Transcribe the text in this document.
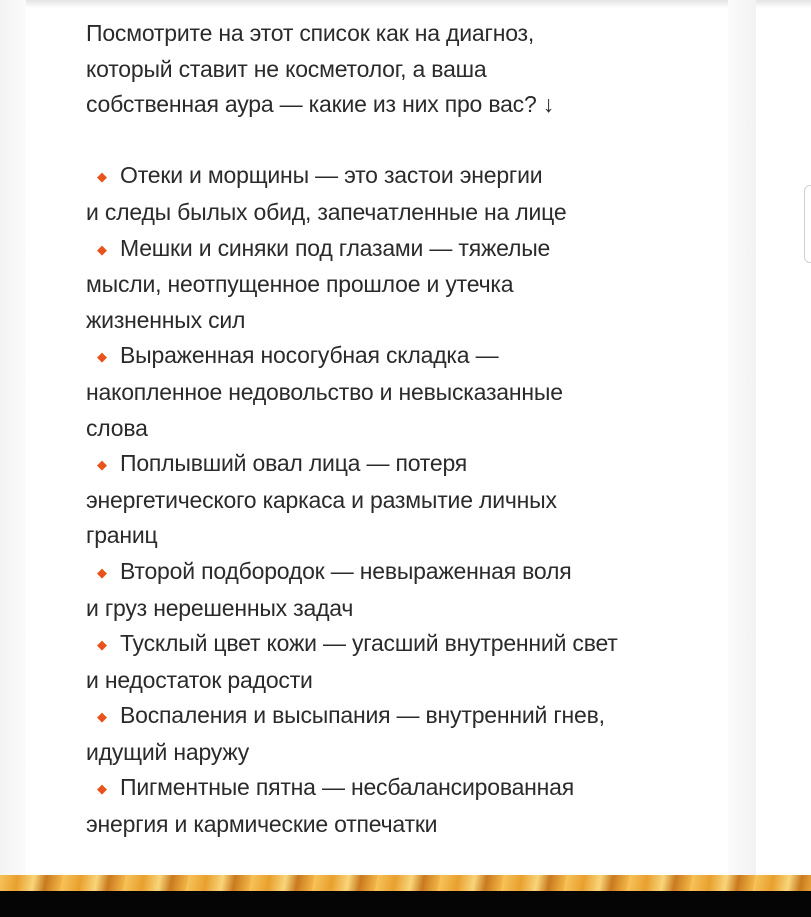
Посмотрите на этот список как на диагноз,
который ставит не косметолог, а ваша
собственная аура — какие из них про вас? ↓
◆ Отеки и морщины — это застои энергии
и следы былых обид, запечатленные на лице
◆ Мешки и синяки под глазами — тяжелые
мысли, неотпущенное прошлое и утечка
жизненных сил
◆ Выраженная носогубная складка —
накопленное недовольство и невысказанные
слова
◆ Поплывший овал лица — потеря
энергетического каркаса и размытие личных
границ
◆ Второй подбородок — невыраженная воля
и груз нерешенных задач
◆ Тусклый цвет кожи — угасший внутренний свет
и недостаток радости
◆ Воспаления и высыпания — внутренний гнев,
идущий наружу
◆ Пигментные пятна — несбалансированная
энергия и кармические отпечатки
